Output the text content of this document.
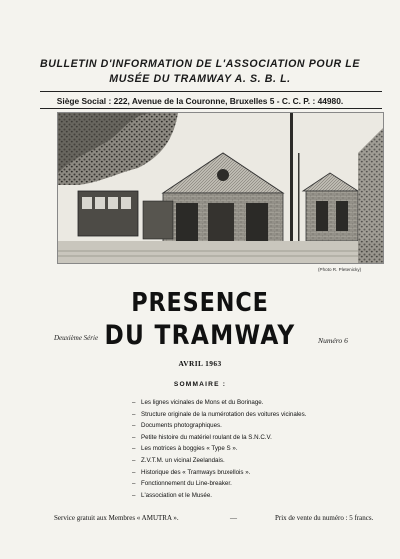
BULLETIN D'INFORMATION DE L'ASSOCIATION POUR LE
MUSÉE DU TRAMWAY A. S. B. L.
Siège Social : 222, Avenue de la Couronne, Bruxelles 5 - C. C. P. : 44980.
(Photo R. Pletenicky)
PRESENCE
DU TRAMWAY
Deuxième Série	Numéro 6
AVRIL 1963
SOMMAIRE :
– Les lignes vicinales de Mons et du Borinage.
– Structure originale de la numérotation des voitures vicinales.
– Documents photographiques.
– Petite histoire du matériel roulant de la S.N.C.V.
– Les motrices à boggies « Type S ».
– Z.V.T.M. un vicinal Zeelandais.
– Historique des « Tramways bruxellois ».
– Fonctionnement du Line-breaker.
– L'association et le Musée.
Service gratuit aux Membres « AMUTRA ».	—	Prix de vente du numéro : 5 francs.
